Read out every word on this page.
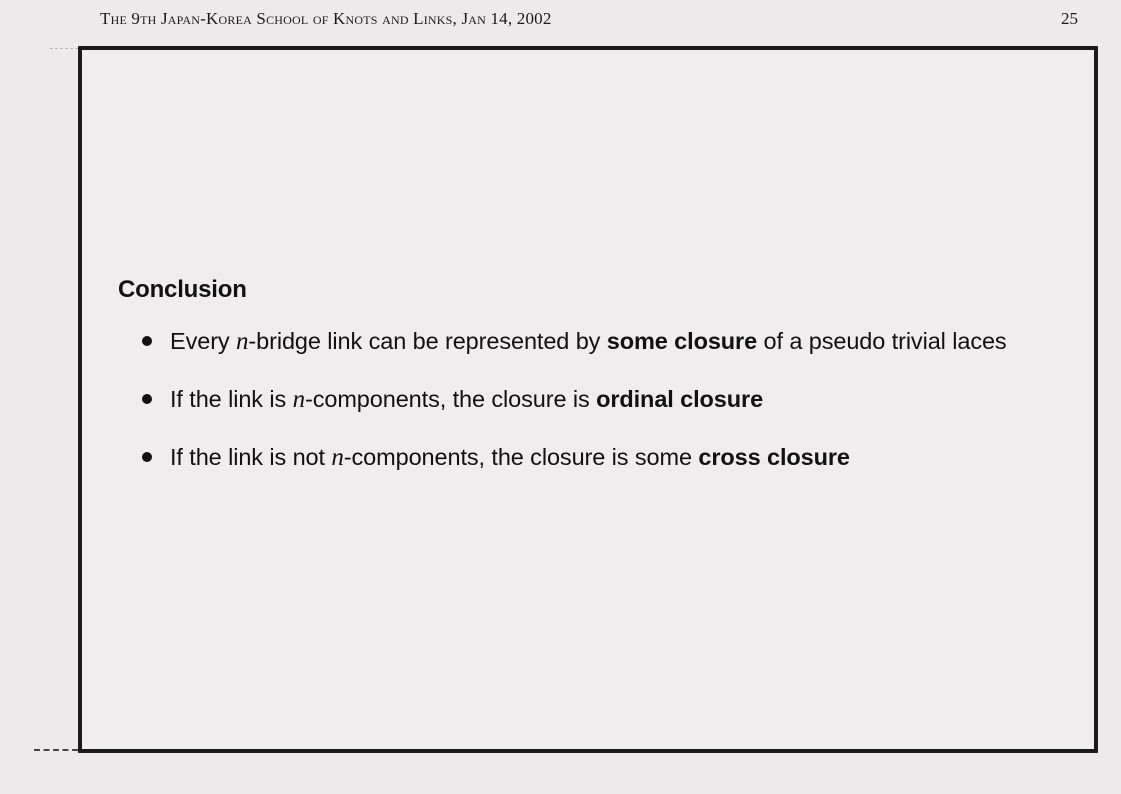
The 9th Japan-Korea School of Knots and Links, Jan 14, 2002	25
Conclusion
Every n-bridge link can be represented by some closure of a pseudo trivial laces
If the link is n-components, the closure is ordinal closure
If the link is not n-components, the closure is some cross closure
